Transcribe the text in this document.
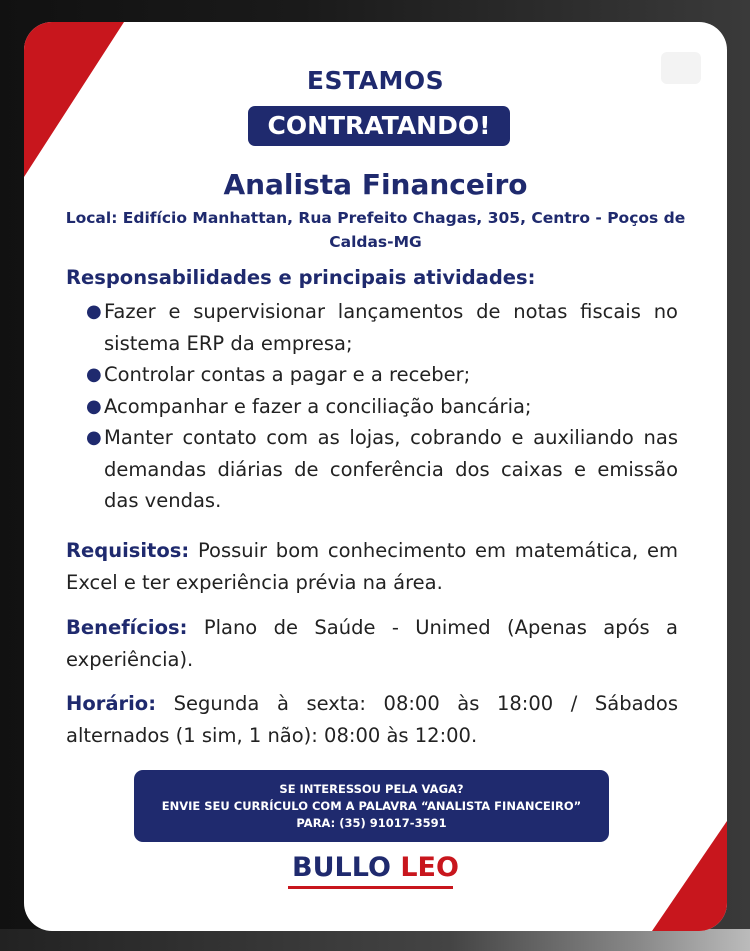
ESTAMOS
CONTRATANDO!
Analista Financeiro
Local: Edifício Manhattan, Rua Prefeito Chagas, 305, Centro - Poços de Caldas-MG
Responsabilidades e principais atividades:
● Fazer e supervisionar lançamentos de notas fiscais no sistema ERP da empresa;
● Controlar contas a pagar e a receber;
● Acompanhar e fazer a conciliação bancária;
● Manter contato com as lojas, cobrando e auxiliando nas demandas diárias de conferência dos caixas e emissão das vendas.
Requisitos: Possuir bom conhecimento em matemática, em Excel e ter experiência prévia na área.
Benefícios: Plano de Saúde - Unimed (Apenas após a experiência).
Horário: Segunda à sexta: 08:00 às 18:00 / Sábados alternados (1 sim, 1 não): 08:00 às 12:00.
SE INTERESSOU PELA VAGA?
ENVIE SEU CURRÍCULO COM A PALAVRA “ANALISTA FINANCEIRO”
PARA: (35) 91017-3591
BULLO LEO
